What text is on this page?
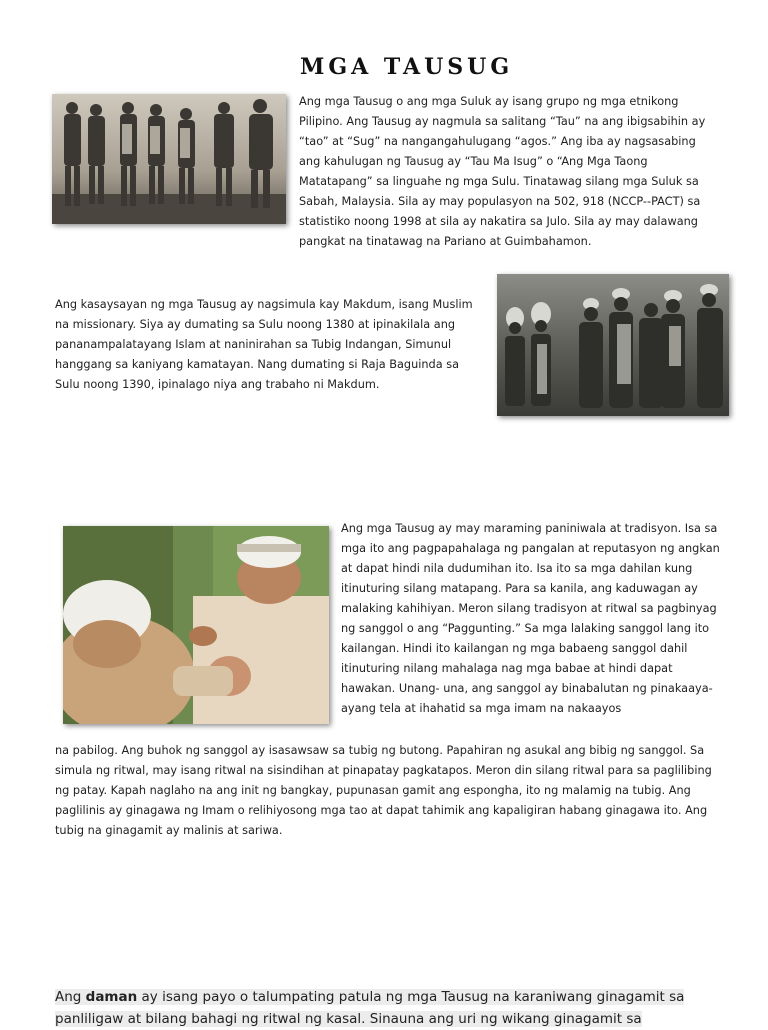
MGA TAUSUG

Ang mga Tausug o ang mga Suluk ay isang grupo ng mga etnikong Pilipino. Ang Tausug ay nagmula sa salitang “Tau” na ang ibigsabihin ay “tao” at “Sug” na nangangahulugang “agos.” Ang iba ay nagsasabing ang kahulugan ng Tausug ay “Tau Ma Isug” o “Ang Mga Taong Matatapang” sa linguahe ng mga Sulu. Tinatawag silang mga Suluk sa Sabah, Malaysia. Sila ay may populasyon na 502, 918 (NCCP--PACT) sa statistiko noong 1998 at sila ay nakatira sa Julo. Sila ay may dalawang pangkat na tinatawag na Pariano at Guimbahamon.

Ang kasaysayan ng mga Tausug ay nagsimula kay Makdum, isang Muslim na missionary. Siya ay dumating sa Sulu noong 1380 at ipinakilala ang pananampalatayang Islam at naninirahan sa Tubig Indangan, Simunul hanggang sa kaniyang kamatayan. Nang dumating si Raja Baguinda sa Sulu noong 1390, ipinalago niya ang trabaho ni Makdum.

Ang mga Tausug ay may maraming paniniwala at tradisyon. Isa sa mga ito ang pagpapahalaga ng pangalan at reputasyon ng angkan at dapat hindi nila dudumihan ito. Isa ito sa mga dahilan kung itinuturing silang matapang. Para sa kanila, ang kaduwagan ay malaking kahihiyan. Meron silang tradisyon at ritwal sa pagbinyag ng sanggol o ang “Paggunting.” Sa mga lalaking sanggol lang ito kailangan. Hindi ito kailangan ng mga babaeng sanggol dahil itinuturing nilang mahalaga nag mga babae at hindi dapat hawakan. Unang- una, ang sanggol ay binabalutan ng pinakaaya-ayang tela at ihahatid sa mga imam na nakaayos

na pabilog. Ang buhok ng sanggol ay isasawsaw sa tubig ng butong. Papahiran ng asukal ang bibig ng sanggol. Sa simula ng ritwal, may isang ritwal na sisindihan at pinapatay pagkatapos. Meron din silang ritwal para sa paglilibing ng patay. Kapah naglaho na ang init ng bangkay, pupunasan gamit ang espongha, ito ng malamig na tubig. Ang paglilinis ay ginagawa ng Imam o relihiyosong mga tao at dapat tahimik ang kapaligiran habang ginagawa ito. Ang tubig na ginagamit ay malinis at sariwa.

Ang daman ay isang payo o talumpating patula ng mga Tausug na karaniwang ginagamit sa panliligaw at bilang bahagi ng ritwal ng kasal. Sinauna ang uri ng wikang ginagamit sa
